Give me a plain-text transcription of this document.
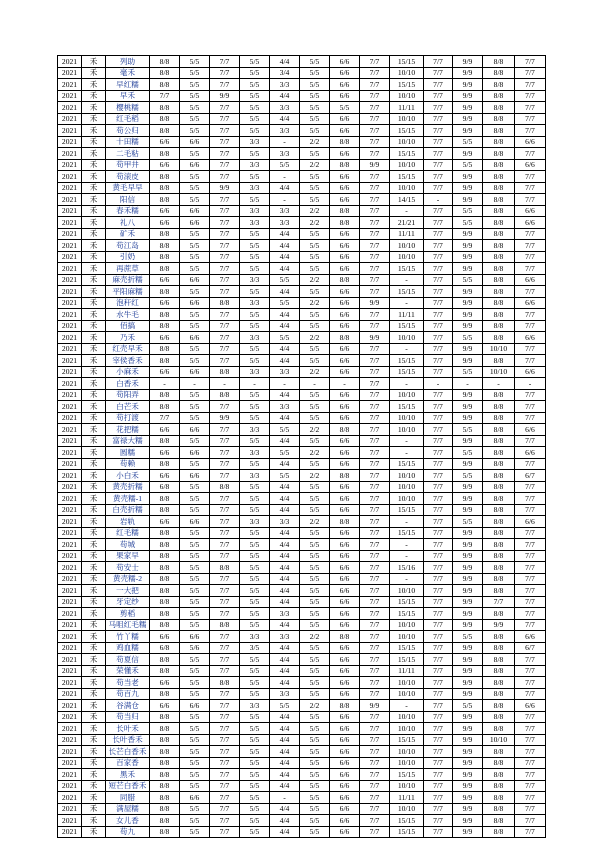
2021	禾	列助	8/8	5/5	7/7	5/5	4/4	5/5	6/6	7/7	15/15	7/7	9/9	8/8	7/7
2021	禾	毫禾	8/8	5/5	7/7	5/5	3/4	5/5	6/6	7/7	10/10	7/7	9/9	8/8	7/7
2021	禾	早红糯	8/8	5/5	7/7	5/5	3/3	5/5	6/6	7/7	15/15	7/7	9/9	8/8	7/7
2021	禾	早禾	7/7	5/5	9/9	5/5	4/4	5/5	6/6	7/7	10/10	7/7	9/9	8/8	7/7
2021	禾	樱桃糯	8/8	5/5	7/7	5/5	3/3	5/5	5/5	7/7	11/11	7/7	9/9	8/8	7/7
2021	禾	红毛稻	8/8	5/5	7/7	5/5	4/4	5/5	6/6	7/7	10/10	7/7	9/9	8/8	7/7
2021	禾	苟公归	8/8	5/5	7/7	5/5	3/3	5/5	6/6	7/7	15/15	7/7	9/9	8/8	7/7
2021	禾	十田糯	6/6	6/6	7/7	3/3	-	2/2	8/8	7/7	10/10	7/7	5/5	8/8	6/6
2021	禾	二毛粘	8/8	5/5	7/7	5/5	3/3	5/5	6/6	7/7	15/15	7/7	9/9	8/8	7/7
2021	禾	苟甲井	6/6	6/6	7/7	3/3	5/5	2/2	8/8	9/9	10/10	7/7	5/5	8/8	6/6
2021	禾	苟滚皮	8/8	5/5	7/7	5/5	-	5/5	6/6	7/7	15/15	7/7	9/9	8/8	7/7
2021	禾	黄毛早早	8/8	5/5	9/9	3/3	4/4	5/5	6/6	7/7	10/10	7/7	9/9	8/8	7/7
2021	禾	阳信	8/8	5/5	7/7	5/5	-	5/5	6/6	7/7	14/15	-	9/9	8/8	7/7
2021	禾	春禾糯	6/6	6/6	7/7	3/3	3/3	2/2	8/8	7/7	-	7/7	5/5	8/8	6/6
2021	禾	礼八	6/6	6/6	7/7	3/3	3/3	2/2	8/8	7/7	21/21	7/7	5/5	8/8	6/6
2021	禾	矿禾	8/8	5/5	7/7	5/5	4/4	5/5	6/6	7/7	11/11	7/7	9/9	8/8	7/7
2021	禾	苟江岛	8/8	5/5	7/7	5/5	4/4	5/5	6/6	7/7	10/10	7/7	9/9	8/8	7/7
2021	禾	引奶	8/8	5/5	7/7	5/5	4/4	5/5	6/6	7/7	10/10	7/7	9/9	8/8	7/7
2021	禾	再蔗草	8/8	5/5	7/7	5/5	4/4	5/5	6/6	7/7	15/15	7/7	9/9	8/8	7/7
2021	禾	麻壳折糯	6/6	6/6	7/7	3/3	5/5	2/2	8/8	7/7	-	7/7	5/5	8/8	6/6
2021	禾	平阳麻糯	8/8	5/5	7/7	5/5	4/4	5/5	6/6	7/7	15/15	7/7	9/9	8/8	7/7
2021	禾	泡秆红	6/6	6/6	8/8	3/3	5/5	2/2	6/6	9/9	-	7/7	9/9	8/8	6/6
2021	禾	水牛毛	8/8	5/5	7/7	5/5	4/4	5/5	6/6	7/7	11/11	7/7	9/9	8/8	7/7
2021	禾	佰搞	8/8	5/5	7/7	5/5	4/4	5/5	6/6	7/7	15/15	7/7	9/9	8/8	7/7
2021	禾	乃禾	6/6	6/6	7/7	3/3	5/5	2/2	8/8	9/9	10/10	7/7	5/5	8/8	6/6
2021	禾	红壳早禾	8/8	5/5	7/7	5/5	4/4	5/5	6/6	7/7	-	7/7	9/9	10/10	7/7
2021	禾	宰侯香禾	8/8	5/5	7/7	5/5	4/4	5/5	6/6	7/7	15/15	7/7	9/9	8/8	7/7
2021	禾	小麻禾	6/6	6/6	8/8	3/3	3/3	2/2	6/6	7/7	15/15	7/7	5/5	10/10	6/6
2021	禾	白香禾	-	-	-	-	-	-	-	7/7	-	-	-	-	-
2021	禾	苟阳弄	8/8	5/5	8/8	5/5	4/4	5/5	6/6	7/7	10/10	7/7	9/9	8/8	7/7
2021	禾	白芒禾	8/8	5/5	7/7	5/5	3/3	5/5	6/6	7/7	15/15	7/7	9/9	8/8	7/7
2021	禾	苟打渡	7/7	5/5	9/9	5/5	4/4	5/5	6/6	7/7	10/10	7/7	9/9	8/8	7/7
2021	禾	花把糯	6/6	6/6	7/7	3/3	5/5	2/2	8/8	7/7	10/10	7/7	5/5	8/8	6/6
2021	禾	富禄大糯	8/8	5/5	7/7	5/5	4/4	5/5	6/6	7/7	-	7/7	9/9	8/8	7/7
2021	禾	圆糯	6/6	6/6	7/7	3/3	5/5	2/2	6/6	7/7	-	7/7	5/5	8/8	6/6
2021	禾	苟赖	8/8	5/5	7/7	5/5	4/4	5/5	6/6	7/7	15/15	7/7	9/9	8/8	7/7
2021	禾	小白禾	6/6	6/6	7/7	3/3	5/5	2/2	8/8	7/7	10/10	7/7	5/5	8/8	6/7
2021	禾	黄壳折糯	6/8	5/5	8/8	5/5	4/4	5/5	6/6	7/7	10/10	7/7	9/9	8/8	7/7
2021	禾	黄壳糯-1	8/8	5/5	7/7	5/5	4/4	5/5	6/6	7/7	10/10	7/7	9/9	8/8	7/7
2021	禾	白壳折糯	8/8	5/5	7/7	5/5	4/4	5/5	6/6	7/7	15/15	7/7	9/9	8/8	7/7
2021	禾	岩轨	6/6	6/6	7/7	3/3	3/3	2/2	8/8	7/7	-	7/7	5/5	8/8	6/6
2021	禾	红毛糯	8/8	5/5	7/7	5/5	4/4	5/5	6/6	7/7	15/15	7/7	9/9	8/8	7/7
2021	禾	苟城	8/8	5/5	7/7	5/5	4/4	5/5	6/6	7/7	-	7/7	9/9	8/8	7/7
2021	禾	果家早	8/8	5/5	7/7	5/5	4/4	5/5	6/6	7/7	-	7/7	9/9	8/8	7/7
2021	禾	苟安士	8/8	5/5	8/8	5/5	4/4	5/5	6/6	7/7	15/16	7/7	9/9	8/8	7/7
2021	禾	黄壳糯-2	8/8	5/5	7/7	5/5	4/4	5/5	6/6	7/7	-	7/7	9/9	8/8	7/7
2021	禾	一大把	8/8	5/5	7/7	5/5	4/4	5/5	6/6	7/7	10/10	7/7	9/9	8/8	7/7
2021	禾	牙定纱	8/8	5/5	7/7	5/5	4/4	5/5	6/6	7/7	15/15	7/7	9/9	7/7	7/7
2021	禾	剪稻	8/8	5/5	7/7	5/5	3/3	5/5	6/6	7/7	15/15	7/7	9/9	8/8	7/7
2021	禾	马咀红毛糯	8/8	5/5	8/8	5/5	4/4	5/5	6/6	7/7	10/10	7/7	9/9	9/9	7/7
2021	禾	竹丫糯	6/6	6/6	7/7	3/3	3/3	2/2	8/8	7/7	10/10	7/7	5/5	8/8	6/6
2021	禾	鸡血糯	6/8	5/6	7/7	3/5	4/4	5/5	6/6	7/7	15/15	7/7	9/9	8/8	6/7
2021	禾	苟夏信	8/8	5/5	7/7	5/5	4/4	5/5	6/6	7/7	15/15	7/7	9/9	8/8	7/7
2021	禾	荣懂禾	8/8	5/5	7/7	5/5	4/4	5/5	6/6	7/7	11/11	7/7	9/9	8/8	7/7
2021	禾	苟当老	6/6	5/5	8/8	5/5	4/4	5/5	6/6	7/7	10/10	7/7	9/9	8/8	7/7
2021	禾	苟百九	8/8	5/5	7/7	5/5	3/3	5/5	6/6	7/7	10/10	7/7	9/9	8/8	7/7
2021	禾	谷满仓	6/6	6/6	7/7	3/3	5/5	2/2	8/8	9/9	-	7/7	5/5	8/8	6/6
2021	禾	苟当归	8/8	5/5	7/7	5/5	4/4	5/5	6/6	7/7	10/10	7/7	9/9	8/8	7/7
2021	禾	长叶禾	8/8	5/5	7/7	5/5	4/4	5/5	6/6	7/7	10/10	7/7	9/9	8/8	7/7
2021	禾	长叶香禾	8/8	5/5	7/7	5/5	4/4	5/5	6/6	7/7	15/15	7/7	9/9	10/10	7/7
2021	禾	长芒白香禾	8/8	5/5	7/7	5/5	4/4	5/5	6/6	7/7	10/10	7/7	9/9	8/8	7/7
2021	禾	百家香	8/8	5/5	7/7	5/5	4/4	5/5	6/6	7/7	10/10	7/7	9/9	8/8	7/7
2021	禾	黑禾	8/8	5/5	7/7	5/5	4/4	5/5	6/6	7/7	15/15	7/7	9/9	8/8	7/7
2021	禾	短芒白香禾	8/8	5/5	7/7	5/5	4/4	5/5	6/6	7/7	10/10	7/7	9/9	8/8	7/7
2021	禾	同腊	8/8	6/6	7/7	5/5	-	5/5	6/6	7/7	11/11	7/7	9/9	8/8	7/7
2021	禾	满屋糯	8/8	5/5	7/7	5/5	4/4	5/5	6/6	7/7	10/10	7/7	9/9	8/8	7/7
2021	禾	女儿香	8/8	5/5	7/7	5/5	4/4	5/5	6/6	7/7	15/15	7/7	9/9	8/8	7/7
2021	禾	苟九	8/8	5/5	7/7	5/5	4/4	5/5	6/6	7/7	15/15	7/7	9/9	8/8	7/7
